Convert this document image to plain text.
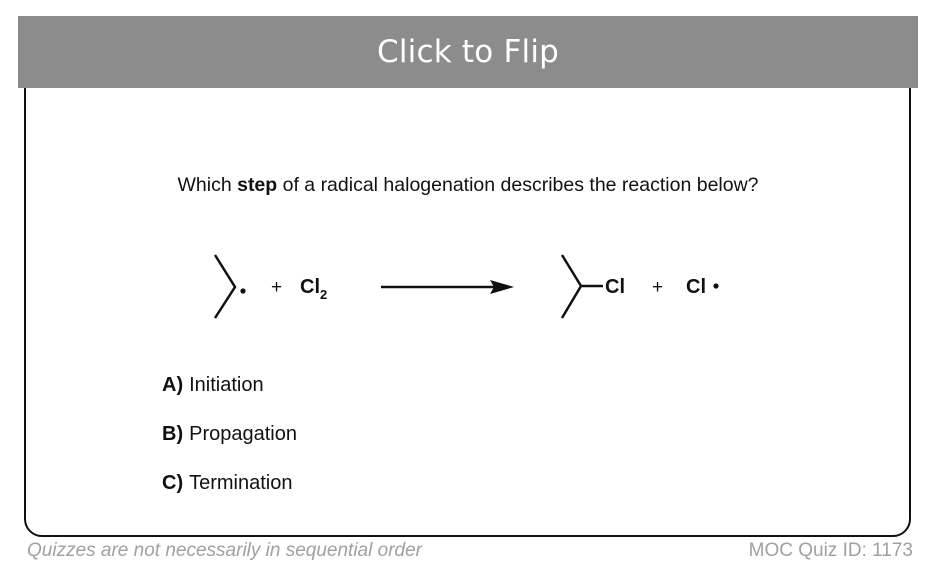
Click to Flip
Which step of a radical halogenation describes the reaction below?
+ $Cl_2$	Cl + Cl
A) Initiation
B) Propagation
C) Termination
Quizzes are not necessarily in sequential order	MOC Quiz ID: 1173
